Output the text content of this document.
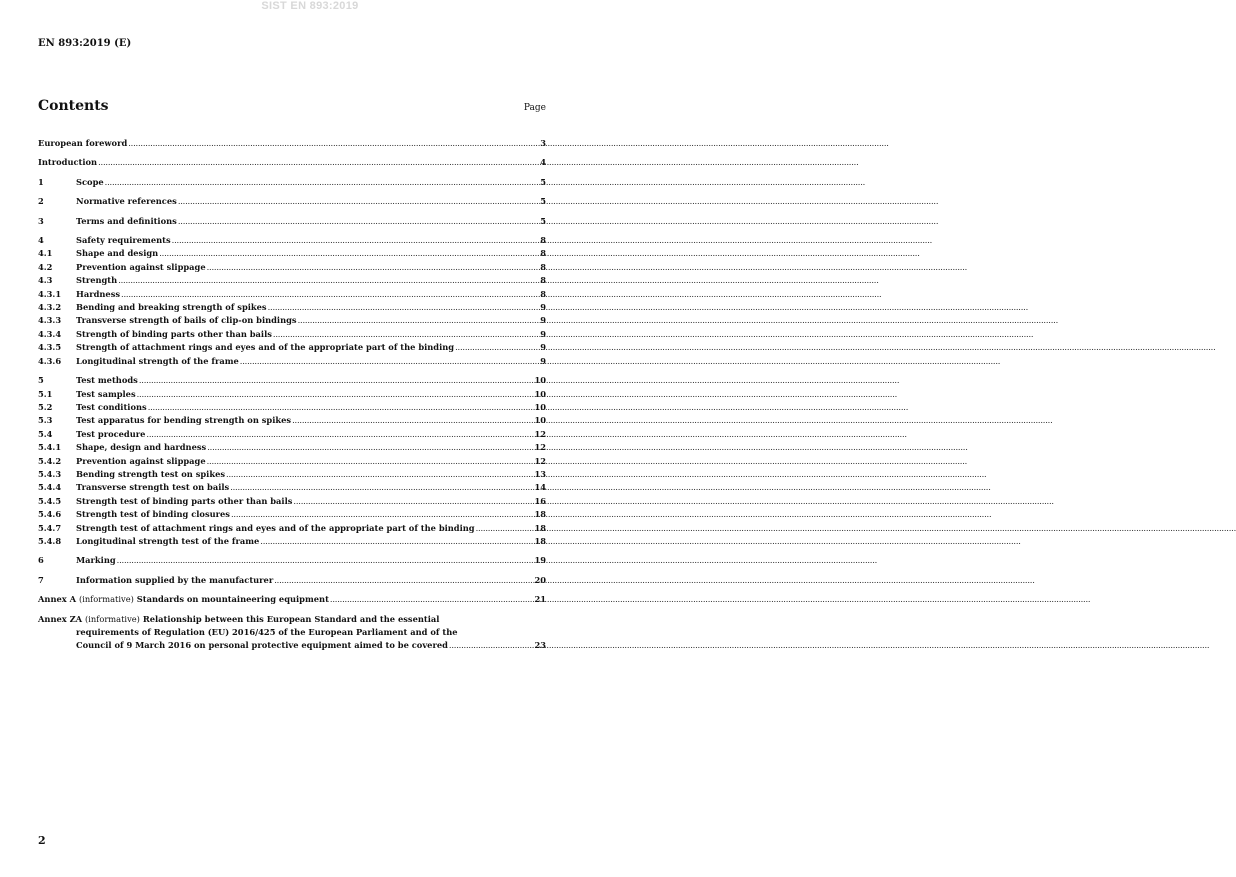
SIST EN 893:2019
EN 893:2019 (E)
Contents	Page
European foreword .....	3
Introduction .....	4
1	Scope .....	5
2	Normative references .....	5
3	Terms and definitions .....	5
4	Safety requirements .....	8
4.1	Shape and design .....	8
4.2	Prevention against slippage .....	8
4.3	Strength .....	8
4.3.1	Hardness .....	8
4.3.2	Bending and breaking strength of spikes .....	9
4.3.3	Transverse strength of bails of clip-on bindings .....	9
4.3.4	Strength of binding parts other than bails .....	9
4.3.5	Strength of attachment rings and eyes and of the appropriate part of the binding .....	9
4.3.6	Longitudinal strength of the frame .....	9
5	Test methods .....	10
5.1	Test samples .....	10
5.2	Test conditions .....	10
5.3	Test apparatus for bending strength on spikes .....	10
5.4	Test procedure .....	12
5.4.1	Shape, design and hardness .....	12
5.4.2	Prevention against slippage .....	12
5.4.3	Bending strength test on spikes .....	13
5.4.4	Transverse strength test on bails .....	14
5.4.5	Strength test of binding parts other than bails .....	16
5.4.6	Strength test of binding closures .....	18
5.4.7	Strength test of attachment rings and eyes and of the appropriate part of the binding .....	18
5.4.8	Longitudinal strength test of the frame .....	18
6	Marking .....	19
7	Information supplied by the manufacturer .....	20
Annex A (informative) Standards on mountaineering equipment .....	21
Annex ZA (informative) Relationship between this European Standard and the essential
requirements of Regulation (EU) 2016/425 of the European Parliament and of the
Council of 9 March 2016 on personal protective equipment aimed to be covered .....	23
2
